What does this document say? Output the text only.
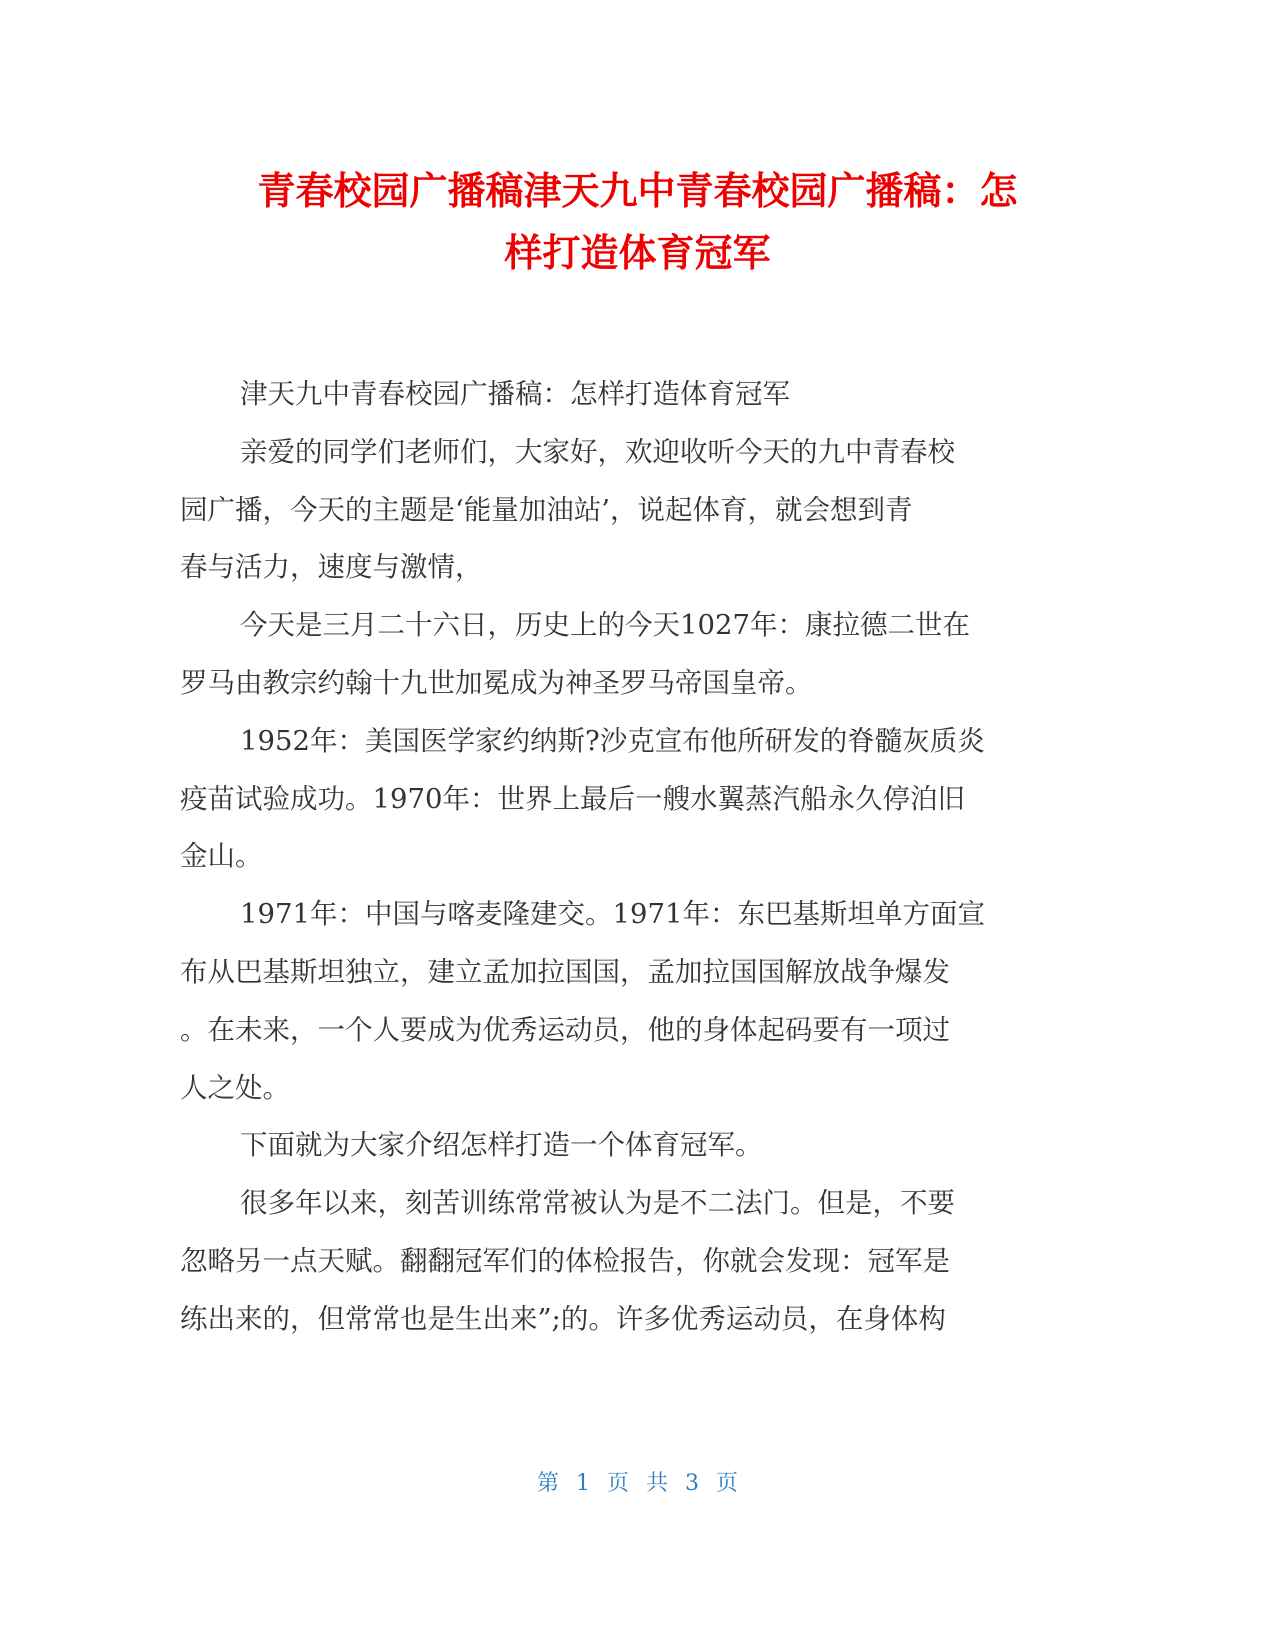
青春校园广播稿津天九中青春校园广播稿：怎
样打造体育冠军

津天九中青春校园广播稿：怎样打造体育冠军

亲爱的同学们老师们，大家好，欢迎收听今天的九中青春校
园广播，今天的主题是‘能量加油站’，说起体育，就会想到青
春与活力，速度与激情，

今天是三月二十六日，历史上的今天1027年：康拉德二世在
罗马由教宗约翰十九世加冕成为神圣罗马帝国皇帝。

1952年：美国医学家约纳斯?沙克宣布他所研发的脊髓灰质炎
疫苗试验成功。1970年：世界上最后一艘水翼蒸汽船永久停泊旧
金山。

1971年：中国与喀麦隆建交。1971年：东巴基斯坦单方面宣
布从巴基斯坦独立，建立孟加拉国国，孟加拉国国解放战争爆发
。在未来，一个人要成为优秀运动员，他的身体起码要有一项过
人之处。

下面就为大家介绍怎样打造一个体育冠军。

很多年以来，刻苦训练常常被认为是不二法门。但是，不要
忽略另一点天赋。翻翻冠军们的体检报告，你就会发现：冠军是
练出来的，但常常也是生出来”;的。许多优秀运动员，在身体构

第 1 页 共 3 页
